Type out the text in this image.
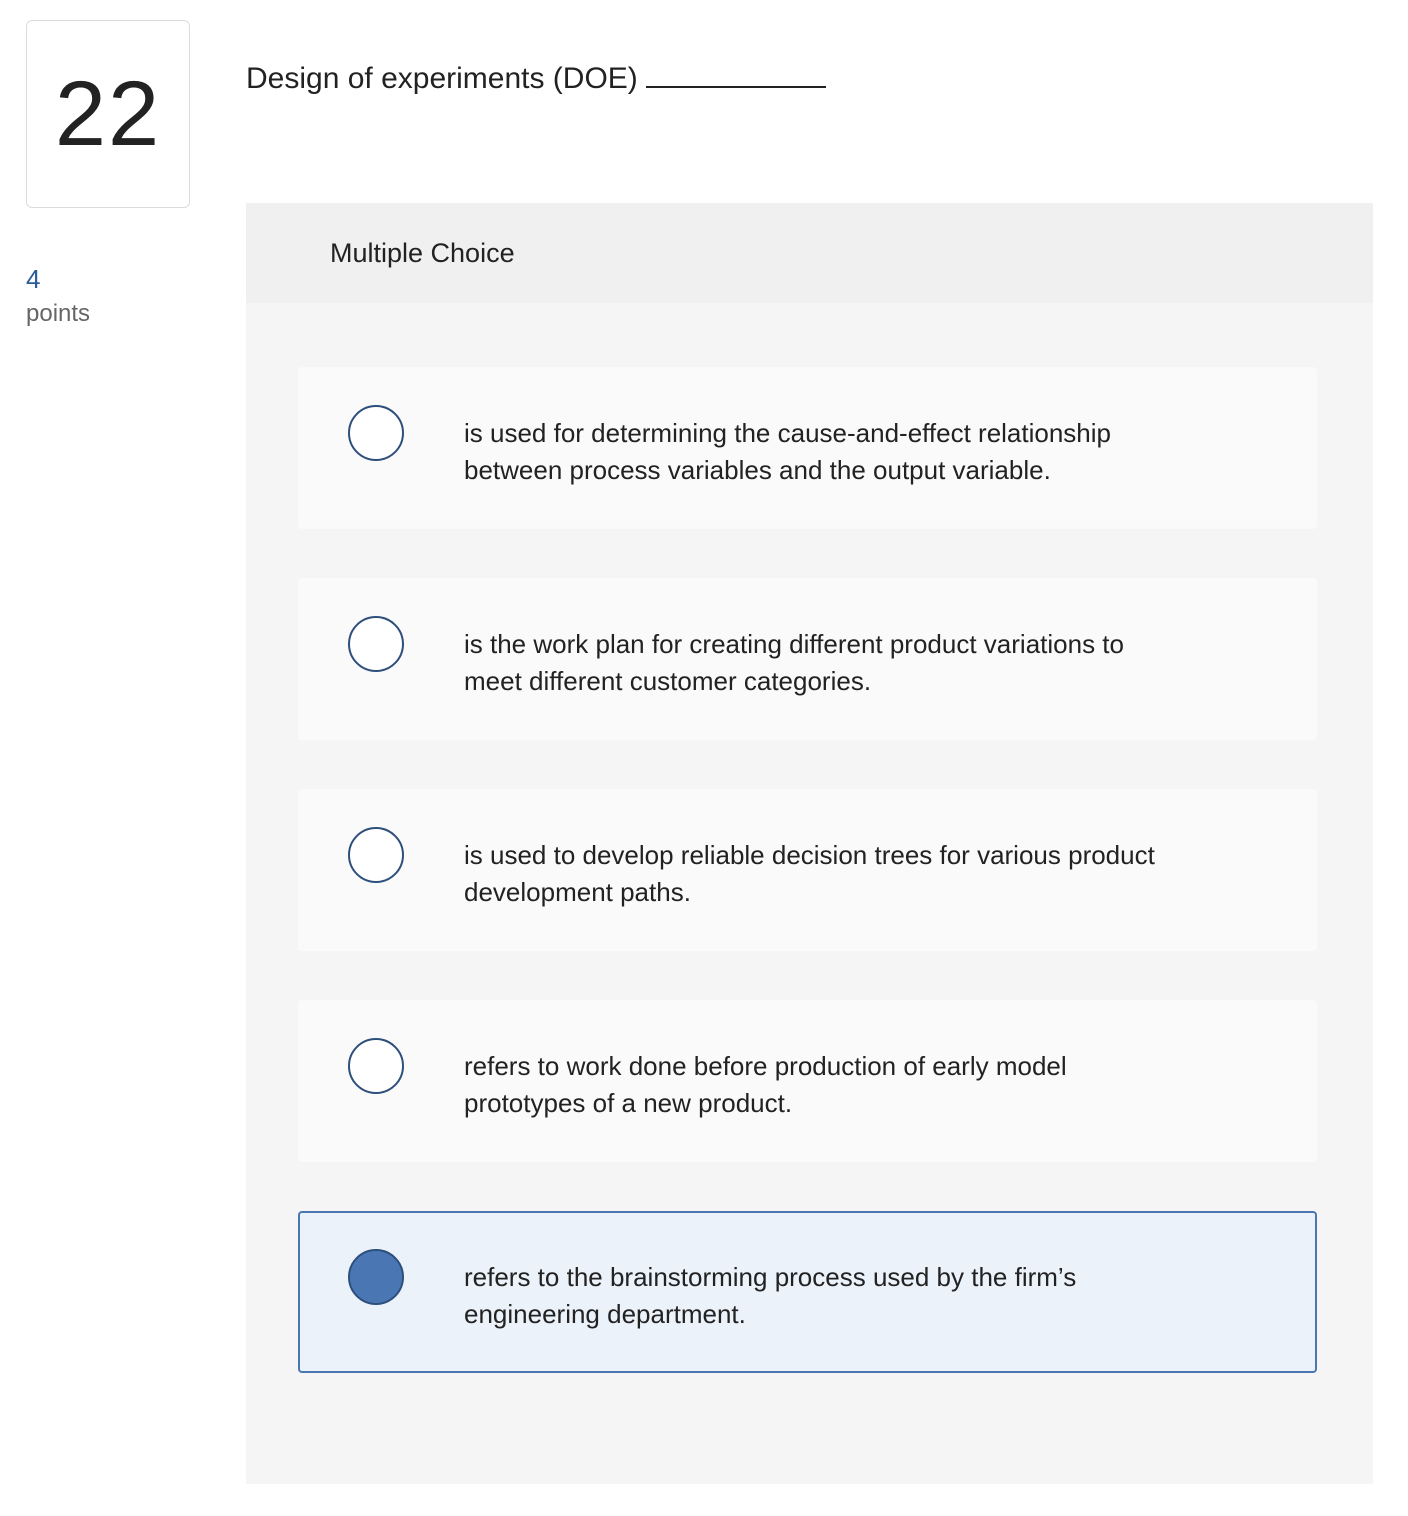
22
4
points
Design of experiments (DOE)
Multiple Choice
is used for determining the cause-and-effect relationship between process variables and the output variable.
is the work plan for creating different product variations to meet different customer categories.
is used to develop reliable decision trees for various product development paths.
refers to work done before production of early model prototypes of a new product.
refers to the brainstorming process used by the firm’s engineering department.
